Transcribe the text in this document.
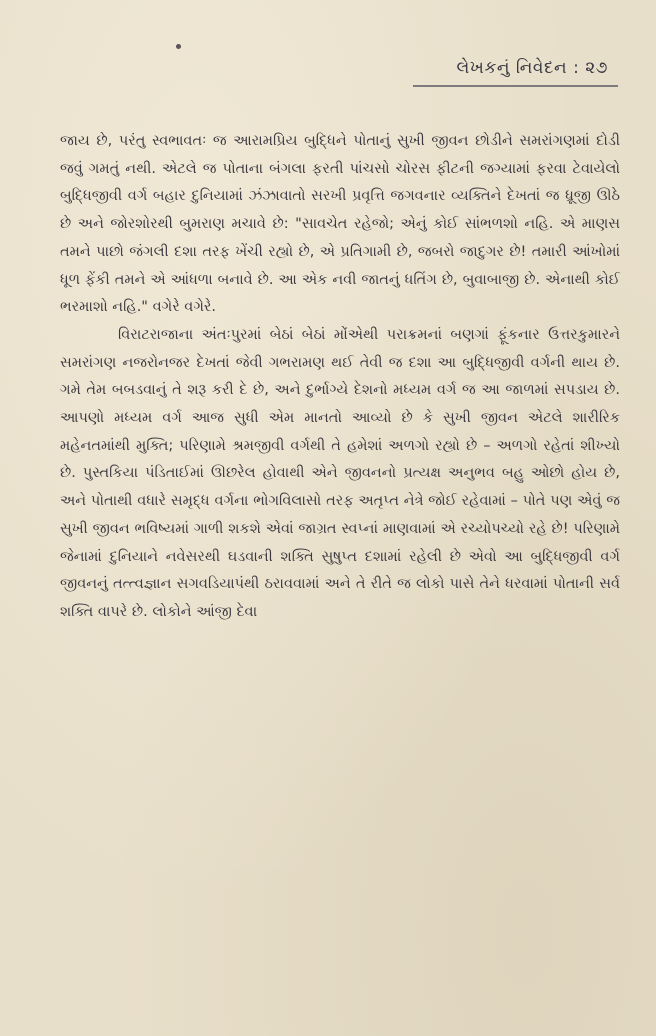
લેખકનું નિવેદન : ૨૭

જાય છે, પરંતુ સ્વભાવતઃ જ આરામપ્રિય બુદ્ધિને પોતાનું સુખી જીવન છોડીને સમરાંગણમાં દોડી જવું ગમતું નથી. એટલે જ પોતાના બંગલા ફરતી પાંચસો ચોરસ ફીટની જગ્યામાં ફરવા ટેવાયેલો બુદ્ધિજીવી વર્ગ બહાર દુનિયામાં ઝંઝાવાતો સરખી પ્રવૃત્તિ જગવનાર વ્યક્તિને દેખતાં જ ધ્રૂજી ઊઠે છે અને જોરશોરથી બુમરાણ મચાવે છે: "સાવચેત રહેજો; એનું કોઈ સાંભળશો નહિ. એ માણસ તમને પાછો જંગલી દશા તરફ ખેંચી રહ્યો છે, એ પ્રતિગામી છે, જબરો જાદુગર છે! તમારી આંખોમાં ધૂળ ફેંકી તમને એ આંધળા બનાવે છે. આ એક નવી જાતનું ધતિંગ છે, બુવાબાજી છે. એનાથી કોઈ ભરમાશો નહિ." વગેરે વગેરે.

વિરાટરાજાના અંતઃપુરમાં બેઠાં બેઠાં મોંએથી પરાક્રમનાં બણગાં ફૂંકનાર ઉત્તરકુમારને સમરાંગણ નજરોનજર દેખતાં જેવી ગભરામણ થઈ તેવી જ દશા આ બુદ્ધિજીવી વર્ગની થાય છે. ગમે તેમ બબડવાનું તે શરૂ કરી દે છે, અને દુર્ભાગ્યે દેશનો મધ્યમ વર્ગ જ આ જાળમાં સપડાય છે. આપણો મધ્યમ વર્ગ આજ સુધી એમ માનતો આવ્યો છે કે સુખી જીવન એટલે શારીરિક મહેનતમાંથી મુક્તિ; પરિણામે શ્રમજીવી વર્ગથી તે હમેશાં અળગો રહ્યો છે – અળગો રહેતાં શીખ્યો છે. પુસ્તકિયા પંડિતાઈમાં ઊછરેલ હોવાથી એને જીવનનો પ્રત્યક્ષ અનુભવ બહુ ઓછો હોય છે, અને પોતાથી વધારે સમૃદ્ધ વર્ગના ભોગવિલાસો તરફ અતૃપ્ત નેત્રે જોઈ રહેવામાં – પોતે પણ એવું જ સુખી જીવન ભવિષ્યમાં ગાળી શકશે એવાં જાગ્રત સ્વપ્નાં માણવામાં એ રચ્યોપચ્યો રહે છે! પરિણામે જેનામાં દુનિયાને નવેસરથી ઘડવાની શક્તિ સુષુપ્ત દશામાં રહેલી છે એવો આ બુદ્ધિજીવી વર્ગ જીવનનું તત્ત્વજ્ઞાન સગવડિયાપંથી ઠરાવવામાં અને તે રીતે જ લોકો પાસે તેને ધરવામાં પોતાની સર્વ શક્તિ વાપરે છે. લોકોને આંજી દેવા
